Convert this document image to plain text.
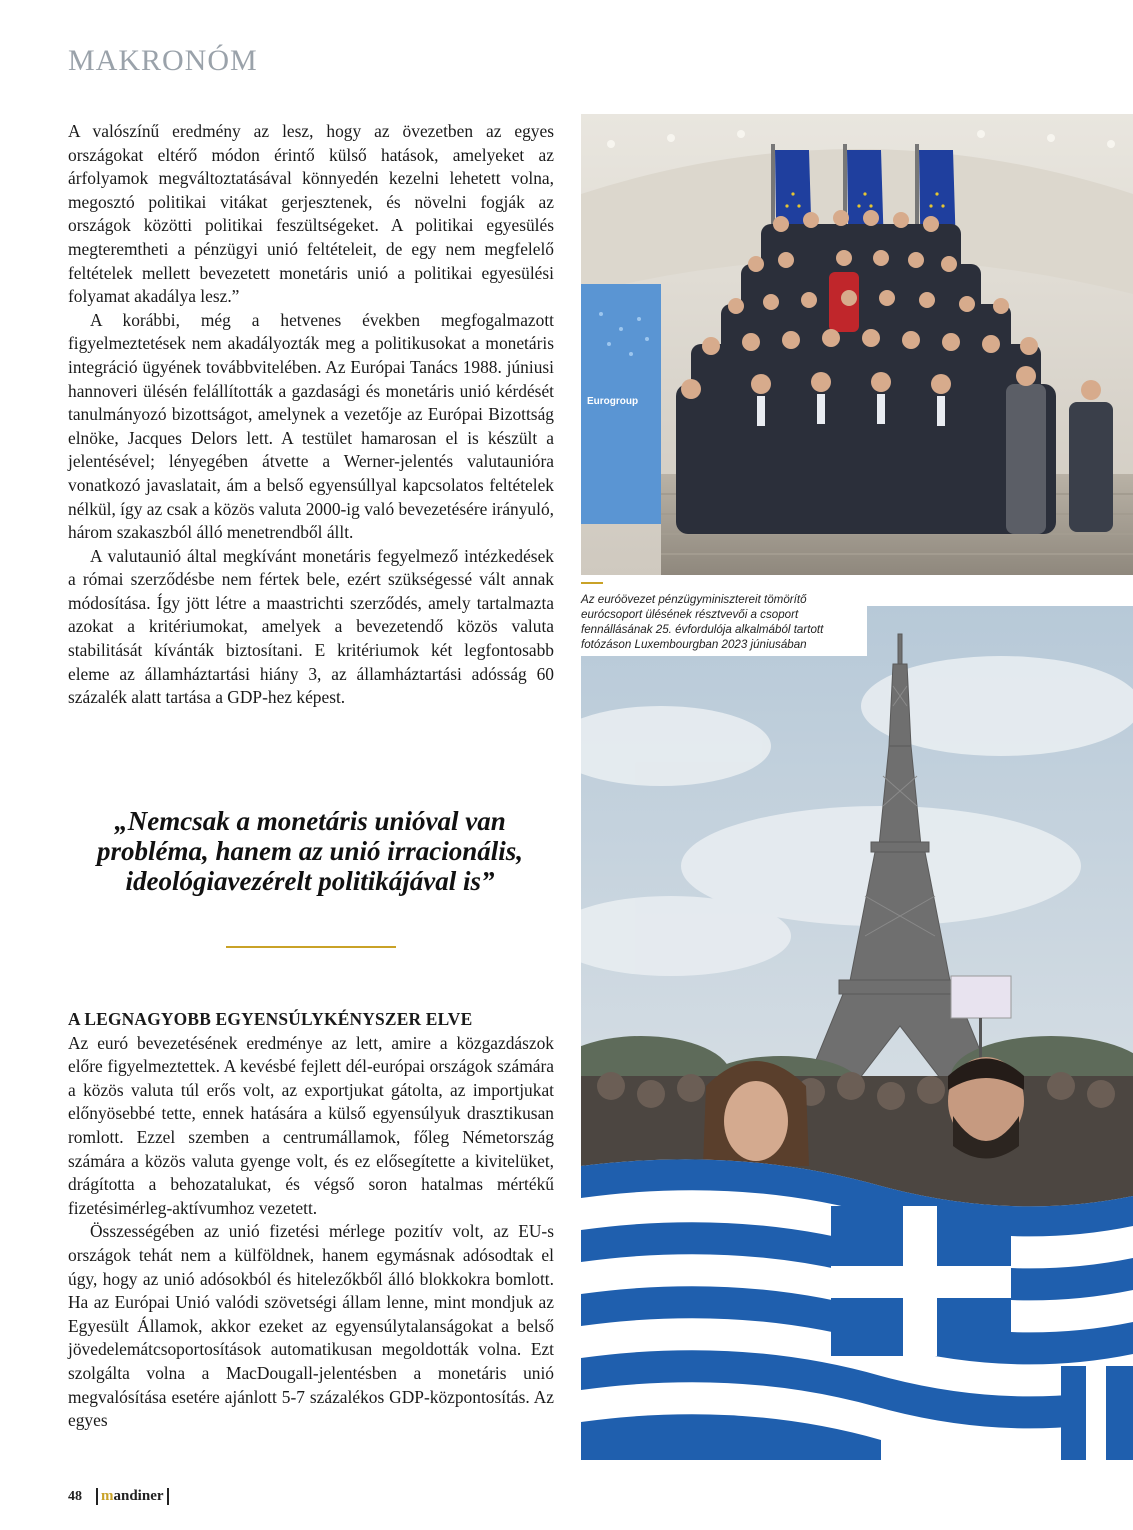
MAKRONÓM

A valószínű eredmény az lesz, hogy az övezetben az egyes országokat eltérő módon érintő külső hatások, amelyeket az árfolyamok megváltoztatásával könnyedén kezelni lehetett volna, megosztó politikai vitákat gerjesztenek, és növelni fogják az országok közötti politikai feszültségeket. A politikai egyesülés megteremtheti a pénzügyi unió feltételeit, de egy nem megfelelő feltételek mellett bevezetett monetáris unió a politikai egyesülési folyamat akadálya lesz.”

A korábbi, még a hetvenes években megfogalmazott figyelmeztetések nem akadályozták meg a politikusokat a monetáris integráció ügyének továbbvitelében. Az Európai Tanács 1988. júniusi hannoveri ülésén felállították a gazdasági és monetáris unió kérdését tanulmányozó bizottságot, amelynek a vezetője az Európai Bizottság elnöke, Jacques Delors lett. A testület hamarosan el is készült a jelentésével; lényegében átvette a Werner-jelentés valutaunióra vonatkozó javaslatait, ám a belső egyensúllyal kapcsolatos feltételek nélkül, így az csak a közös valuta 2000-ig való bevezetésére irányuló, három szakaszból álló menetrendből állt.

A valutaunió által megkívánt monetáris fegyelmező intézkedések a római szerződésbe nem fértek bele, ezért szükségessé vált annak módosítása. Így jött létre a maastrichti szerződés, amely tartalmazta azokat a kritériumokat, amelyek a bevezetendő közös valuta stabilitását kívánták biztosítani. E kritériumok két legfontosabb eleme az államháztartási hiány 3, az államháztartási adósság 60 százalék alatt tartása a GDP-hez képest.

„Nemcsak a monetáris unióval van probléma, hanem az unió irracionális, ideológiavezérelt politikájával is”

A LEGNAGYOBB EGYENSÚLYKÉNYSZER ELVE

Az euró bevezetésének eredménye az lett, amire a közgazdászok előre figyelmeztettek. A kevésbé fejlett dél-európai országok számára a közös valuta túl erős volt, az exportjukat gátolta, az importjukat előnyösebbé tette, ennek hatására a külső egyensúlyuk drasztikusan romlott. Ezzel szemben a centrumállamok, főleg Németország számára a közös valuta gyenge volt, és ez elősegítette a kivitelüket, drágította a behozatalukat, és végső soron hatalmas mértékű fizetésimérleg-aktívumhoz vezetett.

Összességében az unió fizetési mérlege pozitív volt, az EU-s országok tehát nem a külföldnek, hanem egymásnak adósodtak el úgy, hogy az unió adósokból és hitelezőkből álló blokkokra bomlott. Ha az Európai Unió valódi szövetségi állam lenne, mint mondjuk az Egyesült Államok, akkor ezeket az egyensúlytalanságokat a belső jövedelemátcsoportosítások automatikusan megoldották volna. Ezt szolgálta volna a MacDougall-jelentésben a monetáris unió megvalósítása esetére ajánlott 5-7 százalékos GDP-központosítás. Az egyes

Eurogroup
Az euróövezet pénzügyminisztereit tömörítő eurócsoport ülésének résztvevői a csoport fennállásának 25. évfordulója alkalmából tartott fotózáson Luxembourgban 2023 júniusában
48	mandiner
